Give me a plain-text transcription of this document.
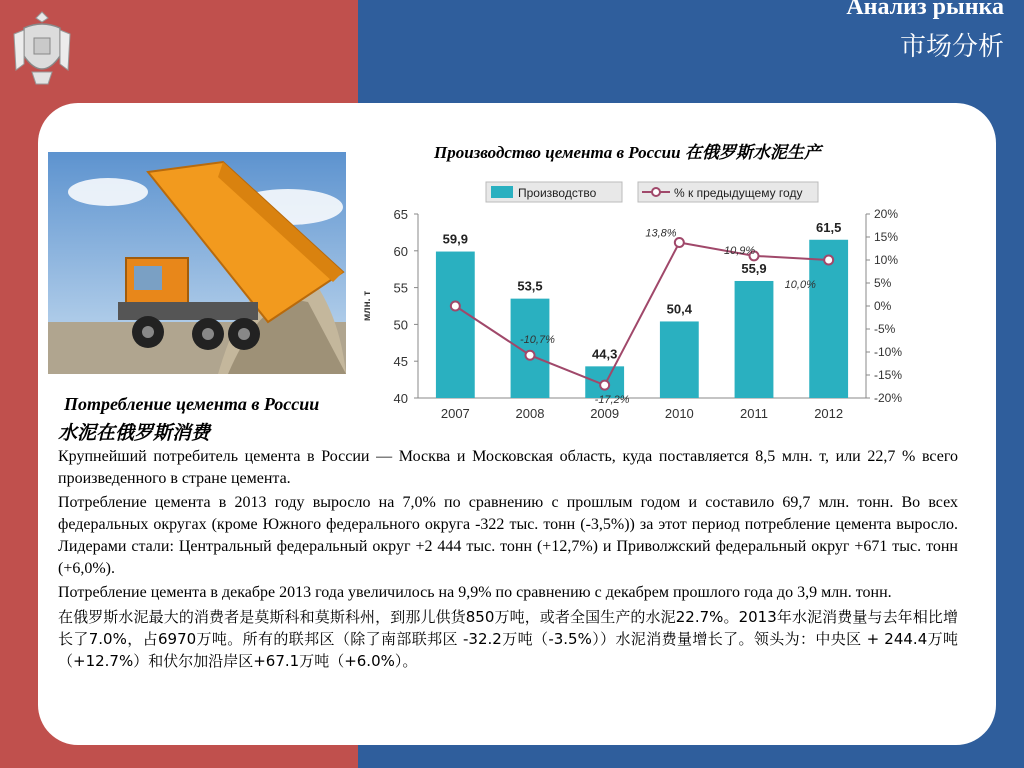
Анализ рынка
市场分析
Производство цемента в России 在俄罗斯水泥生产
40
45
50
55
60
65
-20%
-15%
-10%
-5%
0%
5%
10%
15%
20%
млн. т
59,9
53,5
44,3
50,4
55,9
61,5
2007	2008	2009	2010	2011	2012
-10,7%
-17,2%
13,8%
10,9%
10,0%
Производство	% к предыдущему году
Потребление цемента в России
水泥在俄罗斯消费

Крупнейший потребитель цемента в России — Москва и Московская область, куда поставляется 8,5 млн. т, или 22,7 % всего произведенного в стране цемента.

Потребление цемента в 2013 году выросло на 7,0% по сравнению с прошлым годом и составило 69,7 млн. тонн. Во всех федеральных округах (кроме Южного федерального округа -322 тыс. тонн (-3,5%)) за этот период потребление цемента выросло. Лидерами стали: Центральный федеральный округ +2 444 тыс. тонн (+12,7%) и Приволжский федеральный округ +671 тыс. тонн (+6,0%).

Потребление цемента в декабре 2013 года увеличилось на 9,9% по сравнению с декабрем прошлого года до 3,9 млн. тонн.

在俄罗斯水泥最大的消费者是莫斯科和莫斯科州，到那儿供货850万吨，或者全国生产的水泥22.7%。2013年水泥消费量与去年相比增长了7.0%，占6970万吨。所有的联邦区（除了南部联邦区 -32.2万吨（-3.5%））水泥消费量增长了。领头为：中央区 + 244.4万吨（+12.7%）和伏尔加沿岸区+67.1万吨（+6.0%）。
